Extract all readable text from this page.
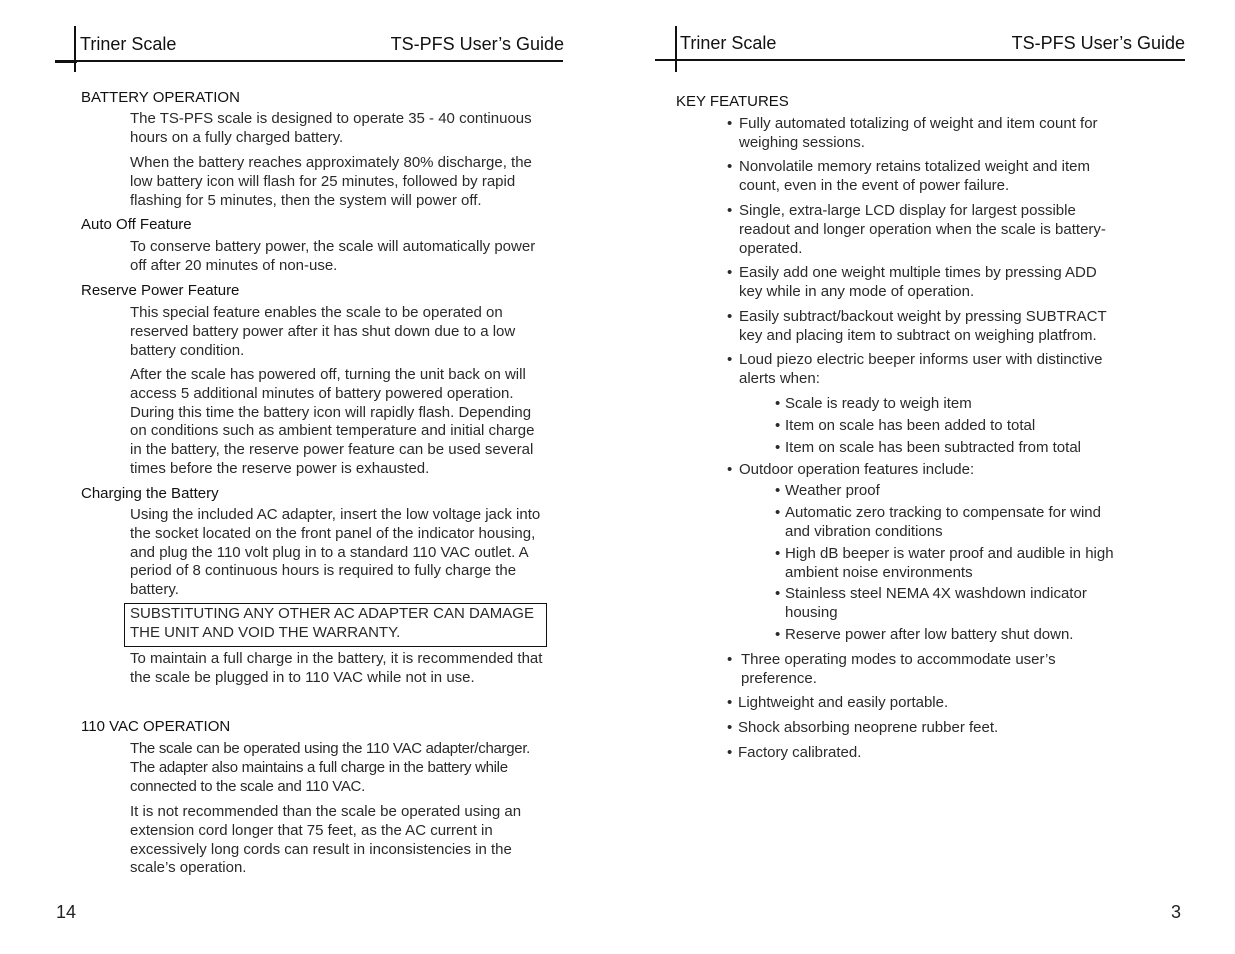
Triner Scale	TS-PFS User’s Guide
BATTERY OPERATION
The TS-PFS scale is designed to operate 35 - 40 continuous hours on a fully charged battery.
When the battery reaches approximately 80% discharge, the low battery icon will flash for 25 minutes, followed by rapid flashing for 5 minutes, then the system will power off.
Auto Off Feature
To conserve battery power, the scale will automatically power off after 20 minutes of non-use.
Reserve Power Feature
This special feature enables the scale to be operated on reserved battery power after it has shut down due to a low battery condition.
After the scale has powered off, turning the unit back on will access 5 additional minutes of battery powered operation. During this time the battery icon will rapidly flash. Depending on conditions such as ambient temperature and initial charge in the battery, the reserve power feature can be used several times before the reserve power is exhausted.
Charging the Battery
Using the included AC adapter, insert the low voltage jack into the socket located on the front panel of the indicator housing, and plug the 110 volt plug in to a standard 110 VAC outlet. A period of 8 continuous hours is required to fully charge the battery.
SUBSTITUTING ANY OTHER AC ADAPTER CAN DAMAGE THE UNIT AND VOID THE WARRANTY.
To maintain a full charge in the battery, it is recommended that the scale be plugged in to 110 VAC while not in use.
110 VAC OPERATION
The scale can be operated using the 110 VAC adapter/charger. The adapter also maintains a full charge in the battery while connected to the scale and 110 VAC.
It is not recommended than the scale be operated using an extension cord longer that 75 feet, as the AC current in excessively long cords can result in inconsistencies in the scale’s operation.
14
Triner Scale	TS-PFS User’s Guide
KEY FEATURES
• Fully automated totalizing of weight and item count for weighing sessions.
• Nonvolatile memory retains totalized weight and item count, even in the event of power failure.
• Single, extra-large LCD display for largest possible readout and longer operation when the scale is battery-operated.
• Easily add one weight multiple times by pressing ADD key while in any mode of operation.
• Easily subtract/backout weight by pressing SUBTRACT key and placing item to subtract on weighing platfrom.
• Loud piezo electric beeper informs user with distinctive alerts when:
• Scale is ready to weigh item
• Item on scale has been added to total
• Item on scale has been subtracted from total
• Outdoor operation features include:
• Weather proof
• Automatic zero tracking to compensate for wind and vibration conditions
• High dB beeper is water proof and audible in high ambient noise environments
• Stainless steel NEMA 4X washdown indicator housing
• Reserve power after low battery shut down.
• Three operating modes to accommodate user’s preference.
• Lightweight and easily portable.
• Shock absorbing neoprene rubber feet.
• Factory calibrated.
3
